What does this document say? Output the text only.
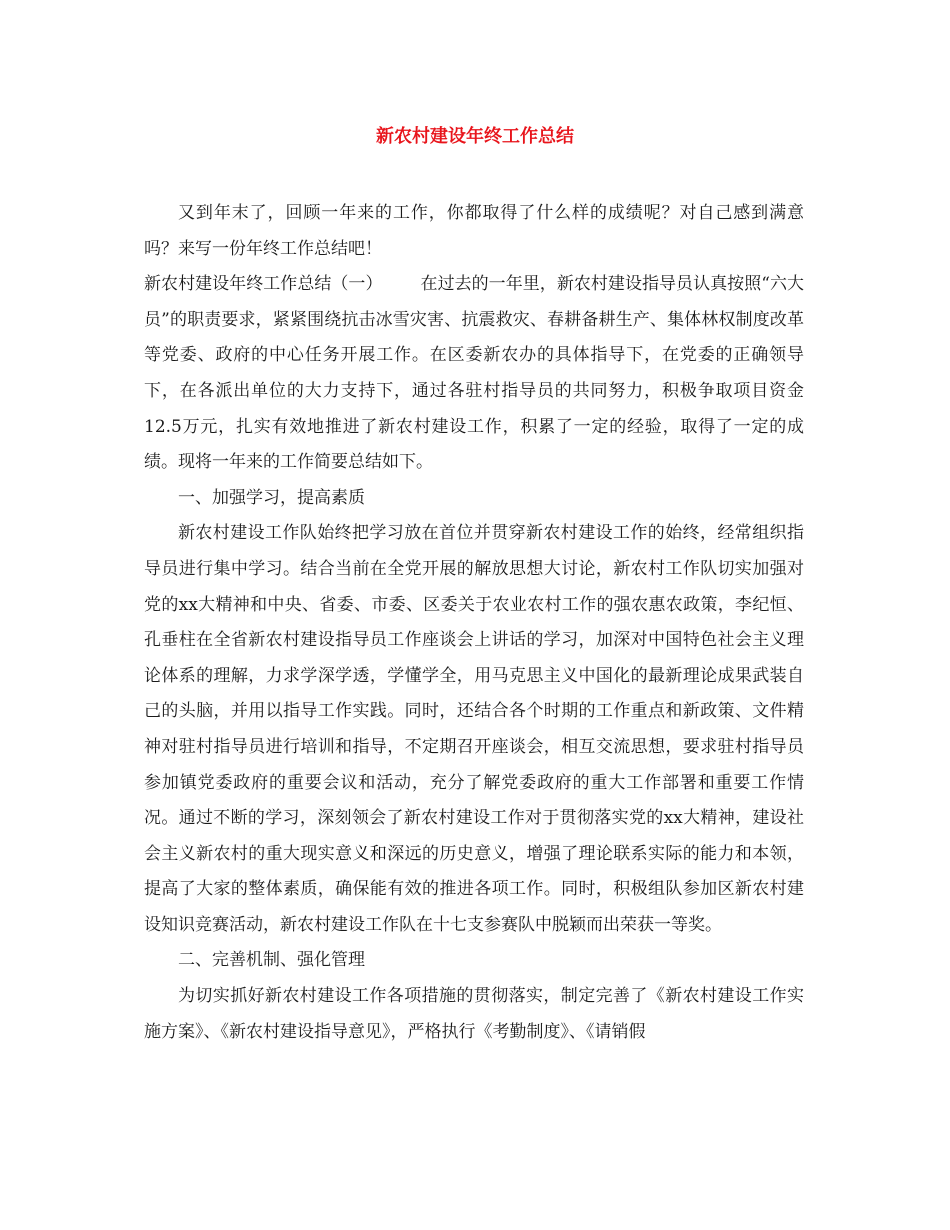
新农村建设年终工作总结

又到年末了，回顾一年来的工作，你都取得了什么样的成绩呢？对自己感到满意吗？来写一份年终工作总结吧！

新农村建设年终工作总结（一） 在过去的一年里，新农村建设指导员认真按照“六大员”的职责要求，紧紧围绕抗击冰雪灾害、抗震救灾、春耕备耕生产、集体林权制度改革等党委、政府的中心任务开展工作。在区委新农办的具体指导下，在党委的正确领导下，在各派出单位的大力支持下，通过各驻村指导员的共同努力，积极争取项目资金12.5万元，扎实有效地推进了新农村建设工作，积累了一定的经验，取得了一定的成绩。现将一年来的工作简要总结如下。

一、加强学习，提高素质

新农村建设工作队始终把学习放在首位并贯穿新农村建设工作的始终，经常组织指导员进行集中学习。结合当前在全党开展的解放思想大讨论，新农村工作队切实加强对党的xx大精神和中央、省委、市委、区委关于农业农村工作的强农惠农政策，李纪恒、孔垂柱在全省新农村建设指导员工作座谈会上讲话的学习，加深对中国特色社会主义理论体系的理解，力求学深学透，学懂学全，用马克思主义中国化的最新理论成果武装自己的头脑，并用以指导工作实践。同时，还结合各个时期的工作重点和新政策、文件精神对驻村指导员进行培训和指导，不定期召开座谈会，相互交流思想，要求驻村指导员参加镇党委政府的重要会议和活动，充分了解党委政府的重大工作部署和重要工作情况。通过不断的学习，深刻领会了新农村建设工作对于贯彻落实党的xx大精神，建设社会主义新农村的重大现实意义和深远的历史意义，增强了理论联系实际的能力和本领，提高了大家的整体素质，确保能有效的推进各项工作。同时，积极组队参加区新农村建设知识竞赛活动，新农村建设工作队在十七支参赛队中脱颖而出荣获一等奖。

二、完善机制、强化管理

为切实抓好新农村建设工作各项措施的贯彻落实，制定完善了《新农村建设工作实施方案》、《新农村建设指导意见》，严格执行《考勤制度》、《请销假
